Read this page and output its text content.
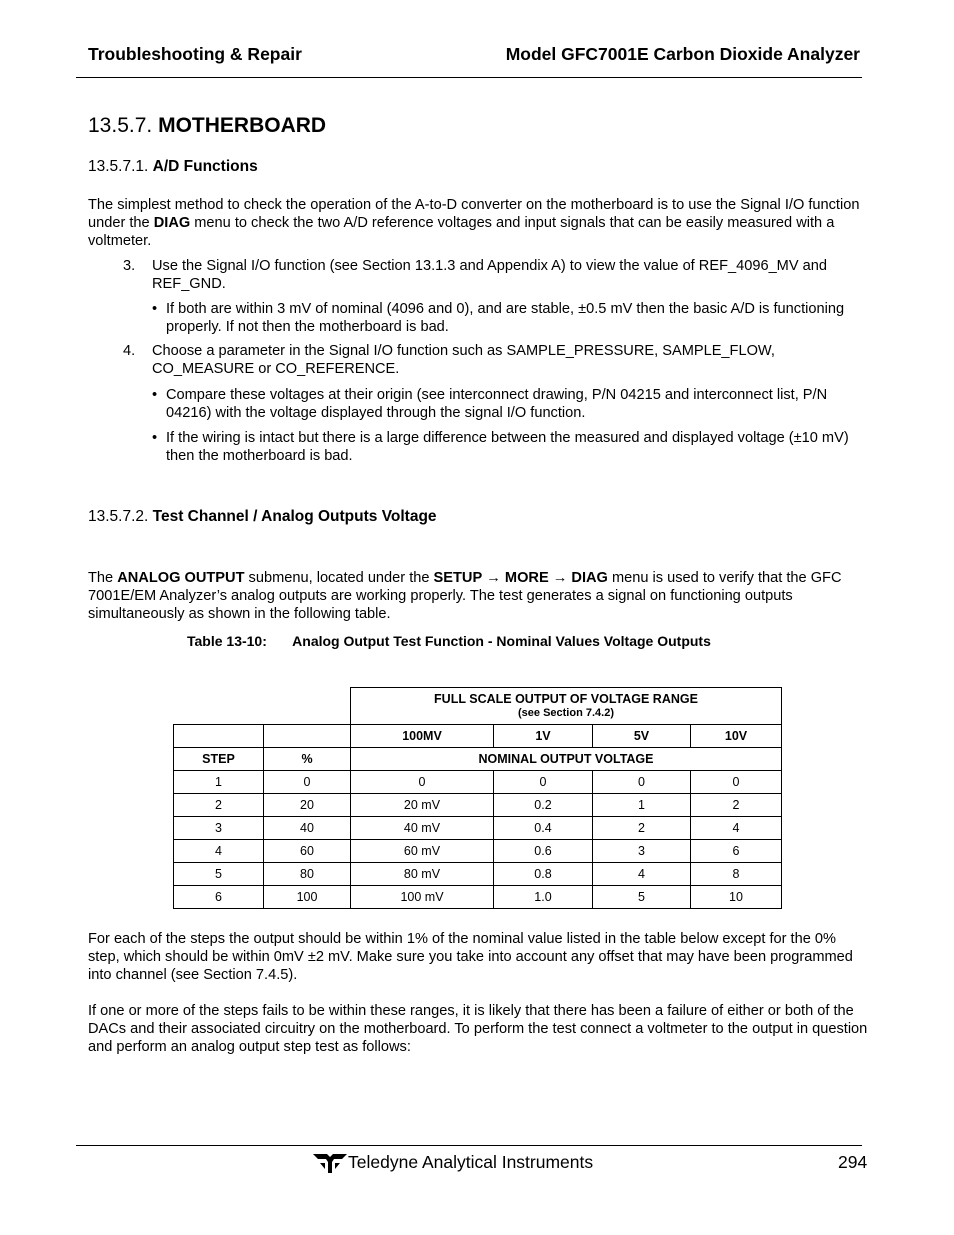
Troubleshooting & Repair	Model GFC7001E Carbon Dioxide Analyzer
13.5.7. MOTHERBOARD
13.5.7.1. A/D Functions
The simplest method to check the operation of the A-to-D converter on the motherboard is to use the Signal I/O function under the DIAG menu to check the two A/D reference voltages and input signals that can be easily measured with a voltmeter.
3. Use the Signal I/O function (see Section 13.1.3 and Appendix A) to view the value of REF_4096_MV and REF_GND.
• If both are within 3 mV of nominal (4096 and 0), and are stable, ±0.5 mV then the basic A/D is functioning properly. If not then the motherboard is bad.
4. Choose a parameter in the Signal I/O function such as SAMPLE_PRESSURE, SAMPLE_FLOW, CO_MEASURE or CO_REFERENCE.
• Compare these voltages at their origin (see interconnect drawing, P/N 04215 and interconnect list, P/N 04216) with the voltage displayed through the signal I/O function.
• If the wiring is intact but there is a large difference between the measured and displayed voltage (±10 mV) then the motherboard is bad.
13.5.7.2. Test Channel / Analog Outputs Voltage
The ANALOG OUTPUT submenu, located under the SETUP → MORE → DIAG menu is used to verify that the GFC 7001E/EM Analyzer’s analog outputs are working properly. The test generates a signal on functioning outputs simultaneously as shown in the following table.
Table 13-10: Analog Output Test Function - Nominal Values Voltage Outputs

		FULL SCALE OUTPUT OF VOLTAGE RANGE
(see Section 7.4.2)			

		100MV	1V	5V	10V
STEP	%	NOMINAL OUTPUT VOLTAGE			
1	0	0	0	0	0
2	20	20 mV	0.2	1	2
3	40	40 mV	0.4	2	4
4	60	60 mV	0.6	3	6
5	80	80 mV	0.8	4	8
6	100	100 mV	1.0	5	10
For each of the steps the output should be within 1% of the nominal value listed in the table below except for the 0% step, which should be within 0mV ±2 mV. Make sure you take into account any offset that may have been programmed into channel (see Section 7.4.5).
If one or more of the steps fails to be within these ranges, it is likely that there has been a failure of either or both of the DACs and their associated circuitry on the motherboard. To perform the test connect a voltmeter to the output in question and perform an analog output step test as follows:
Teledyne Analytical Instruments	294
